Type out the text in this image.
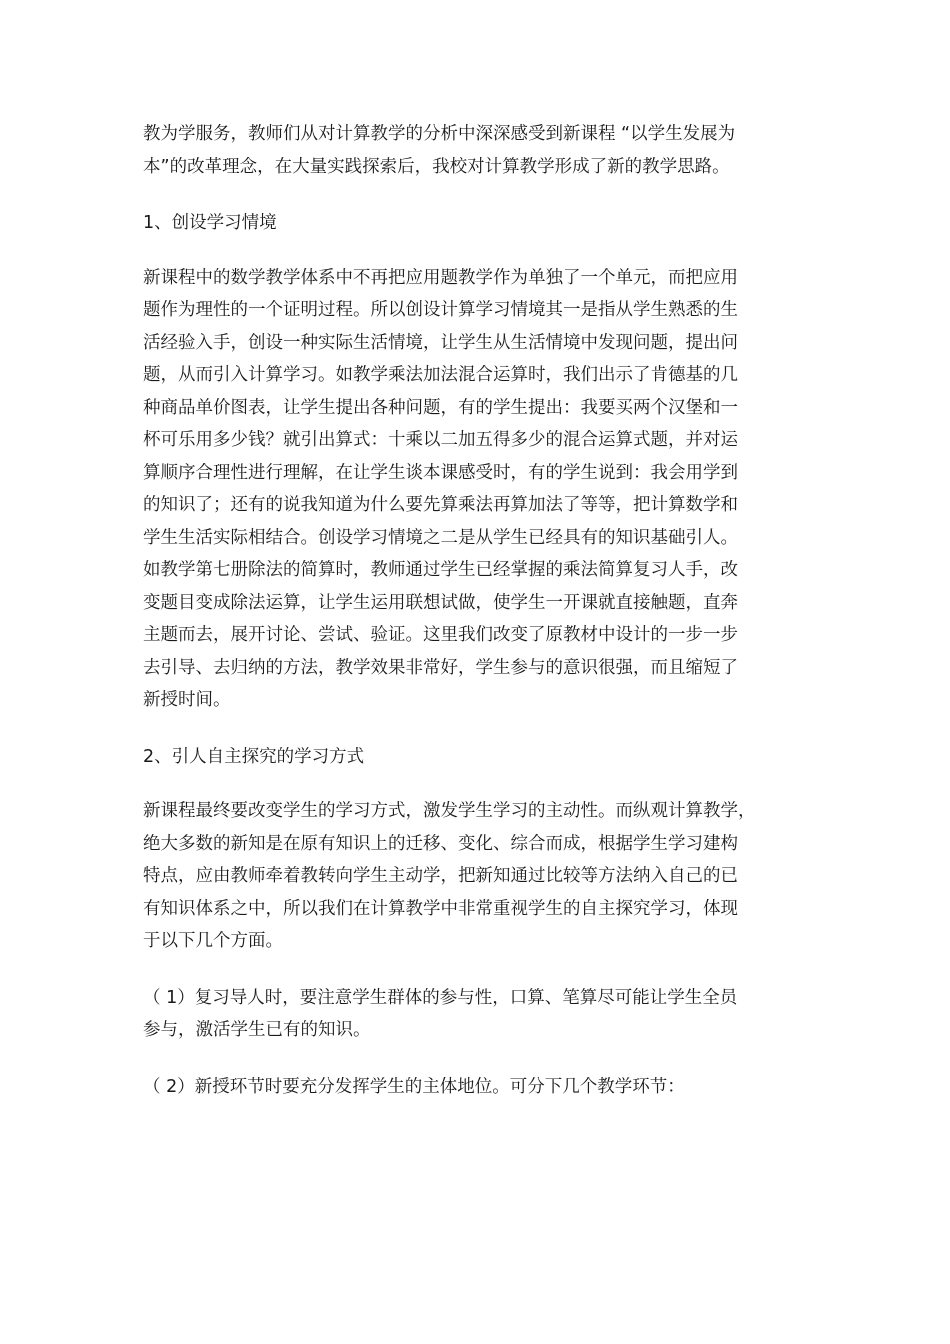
教为学服务，教师们从对计算教学的分析中深深感受到新课程 “以学生发展为
本”的改革理念，在大量实践探索后，我校对计算教学形成了新的教学思路。

1、创设学习情境

新课程中的数学教学体系中不再把应用题教学作为单独了一个单元，而把应用
题作为理性的一个证明过程。所以创设计算学习情境其一是指从学生熟悉的生
活经验入手，创设一种实际生活情境，让学生从生活情境中发现问题，提出问
题，从而引入计算学习。如教学乘法加法混合运算时，我们出示了肯德基的几
种商品单价图表，让学生提出各种问题，有的学生提出：我要买两个汉堡和一
杯可乐用多少钱？就引出算式：十乘以二加五得多少的混合运算式题，并对运
算顺序合理性进行理解，在让学生谈本课感受时，有的学生说到：我会用学到
的知识了；还有的说我知道为什么要先算乘法再算加法了等等，把计算数学和
学生生活实际相结合。创设学习情境之二是从学生已经具有的知识基础引人。
如教学第七册除法的简算时，教师通过学生已经掌握的乘法简算复习人手，改
变题目变成除法运算，让学生运用联想试做，使学生一开课就直接触题，直奔
主题而去，展开讨论、尝试、验证。这里我们改变了原教材中设计的一步一步
去引导、去归纳的方法，教学效果非常好，学生参与的意识很强，而且缩短了
新授时间。

2、引人自主探究的学习方式

新课程最终要改变学生的学习方式，激发学生学习的主动性。而纵观计算教学，
绝大多数的新知是在原有知识上的迁移、变化、综合而成，根据学生学习建构
特点，应由教师牵着教转向学生主动学，把新知通过比较等方法纳入自己的已
有知识体系之中，所以我们在计算教学中非常重视学生的自主探究学习，体现
于以下几个方面。

（ 1）复习导人时，要注意学生群体的参与性，口算、笔算尽可能让学生全员
参与，激活学生已有的知识。

（ 2）新授环节时要充分发挥学生的主体地位。可分下几个教学环节：
